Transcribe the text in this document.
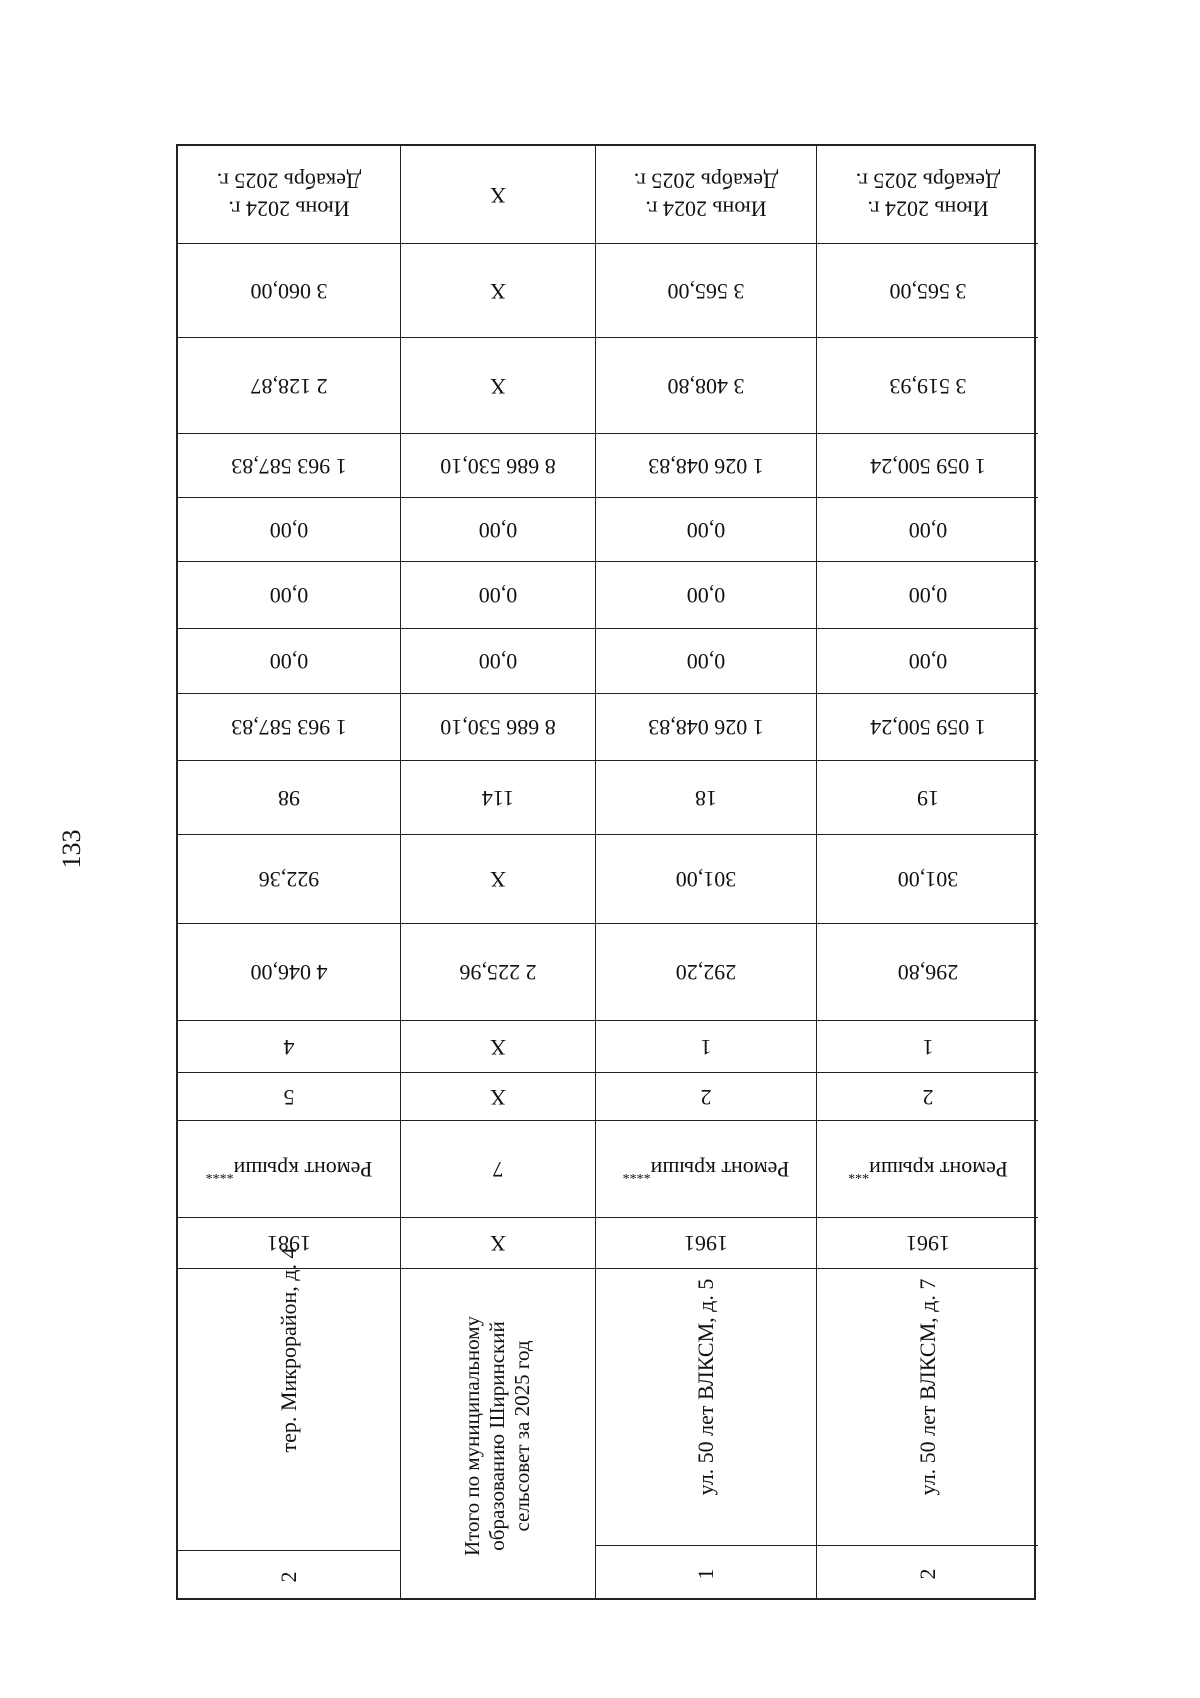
133
Июнь 2024 г.
Декабрь 2025 г.
3 060,00
2 128,87
1 963 587,83
0,00
0,00
0,00
1 963 587,83
98
922,36
4 046,00
4
5
Ремонт крыши****
1981
тер. Микрорайон, д. 4
2
Х
Х
Х
8 686 530,10
0,00
0,00
0,00
8 686 530,10
114
Х
2 225,96
Х
Х
7
Х
Итого по муниципальному образованию Ширинский сельсовет за 2025 год
Июнь 2024 г.
Декабрь 2025 г.
3 565,00
3 408,80
1 026 048,83
0,00
0,00
0,00
1 026 048,83
18
301,00
292,20
1
2
Ремонт крыши****
1961
ул. 50 лет ВЛКСМ, д. 5
1
Июнь 2024 г.
Декабрь 2025 г.
3 565,00
3 519,93
1 059 500,24
0,00
0,00
0,00
1 059 500,24
19
301,00
296,80
1
2
Ремонт крыши***
1961
ул. 50 лет ВЛКСМ, д. 7
2
